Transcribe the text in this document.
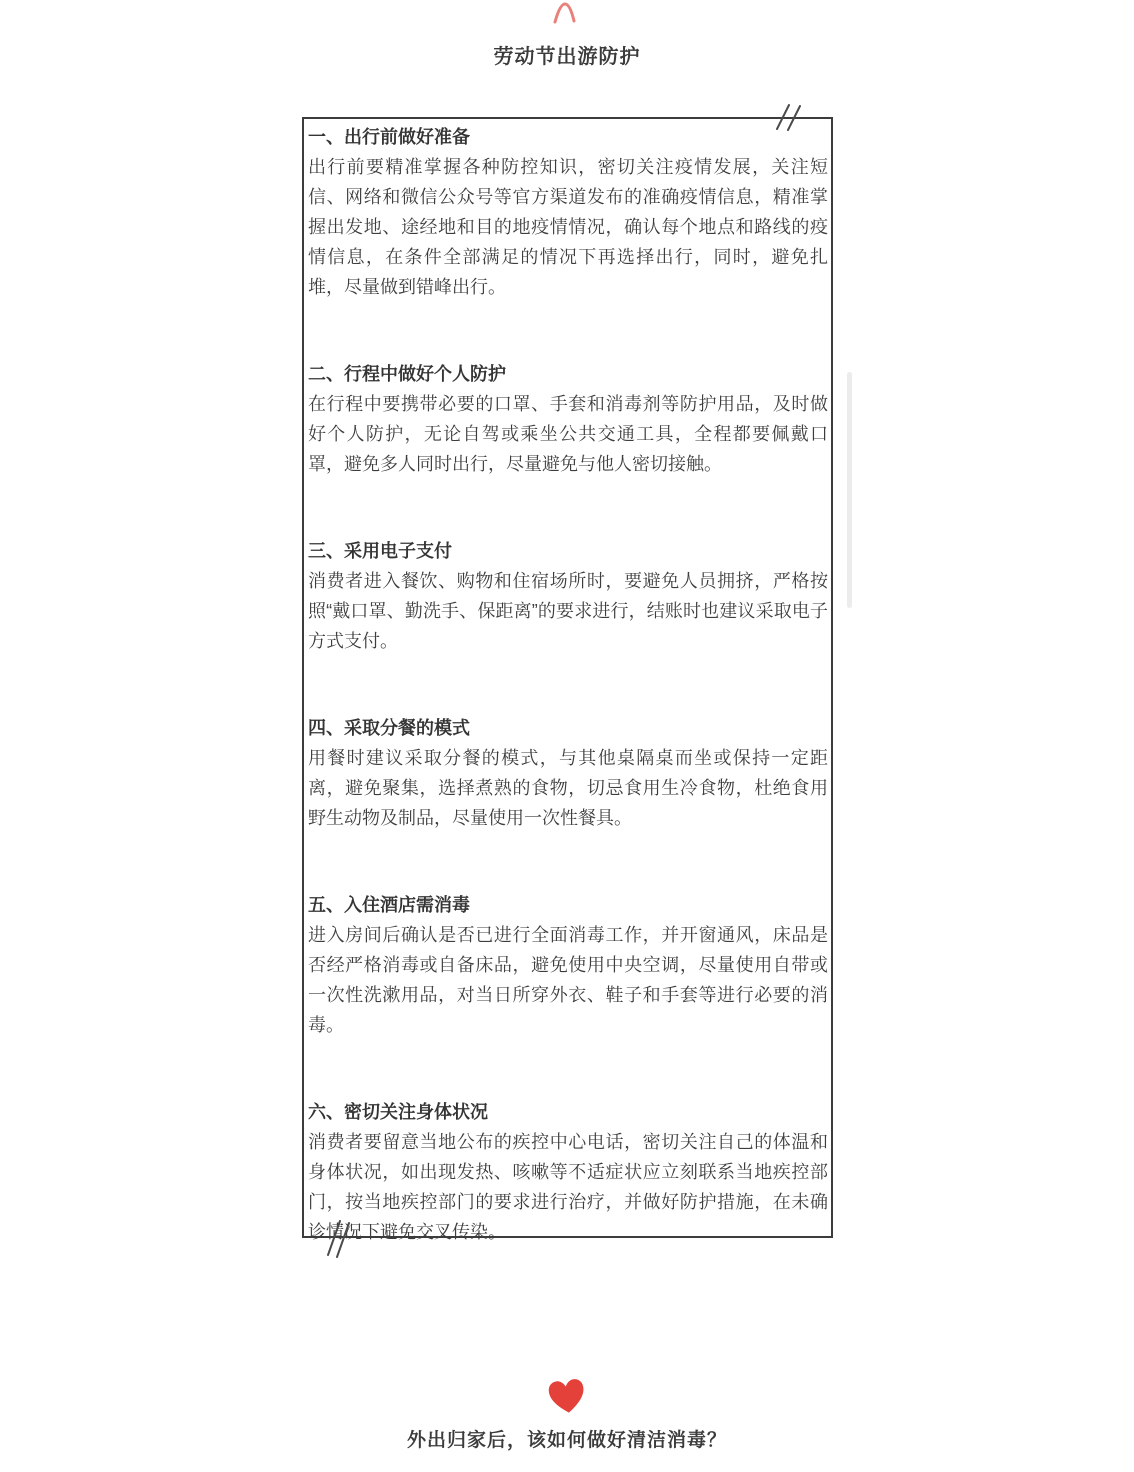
劳动节出游防护
一、出行前做好准备
出行前要精准掌握各种防控知识，密切关注疫情发展，关注短信、网络和微信公众号等官方渠道发布的准确疫情信息，精准掌握出发地、途经地和目的地疫情情况，确认每个地点和路线的疫情信息，在条件全部满足的情况下再选择出行，同时，避免扎堆，尽量做到错峰出行。
二、行程中做好个人防护
在行程中要携带必要的口罩、手套和消毒剂等防护用品，及时做好个人防护，无论自驾或乘坐公共交通工具，全程都要佩戴口罩，避免多人同时出行，尽量避免与他人密切接触。
三、采用电子支付
消费者进入餐饮、购物和住宿场所时，要避免人员拥挤，严格按照“戴口罩、勤洗手、保距离”的要求进行，结账时也建议采取电子方式支付。
四、采取分餐的模式
用餐时建议采取分餐的模式，与其他桌隔桌而坐或保持一定距离，避免聚集，选择煮熟的食物，切忌食用生冷食物，杜绝食用野生动物及制品，尽量使用一次性餐具。
五、入住酒店需消毒
进入房间后确认是否已进行全面消毒工作，并开窗通风，床品是否经严格消毒或自备床品，避免使用中央空调，尽量使用自带或一次性洗漱用品，对当日所穿外衣、鞋子和手套等进行必要的消毒。
六、密切关注身体状况
消费者要留意当地公布的疾控中心电话，密切关注自己的体温和身体状况，如出现发热、咳嗽等不适症状应立刻联系当地疾控部门，按当地疾控部门的要求进行治疗，并做好防护措施，在未确诊情况下避免交叉传染。
外出归家后，该如何做好清洁消毒？
